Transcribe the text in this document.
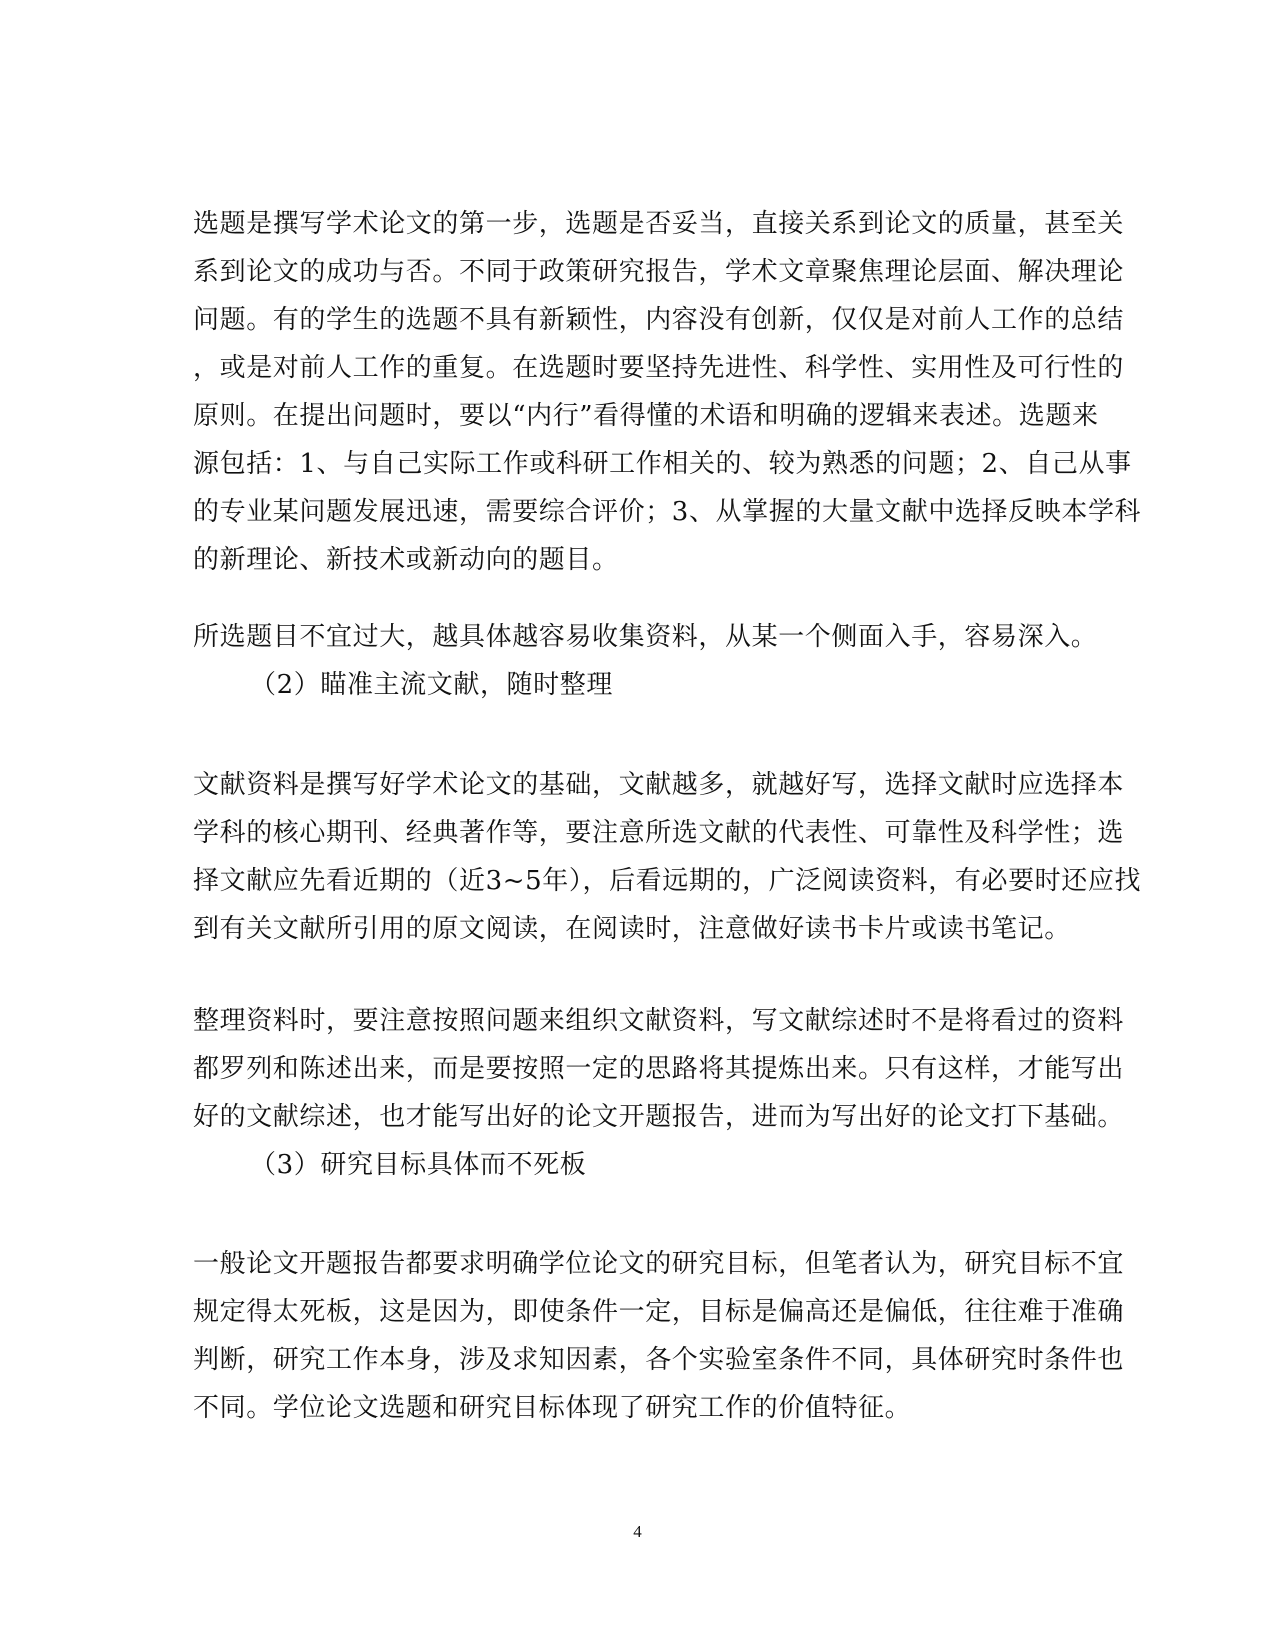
选题是撰写学术论文的第一步，选题是否妥当，直接关系到论文的质量，甚至关
系到论文的成功与否。不同于政策研究报告，学术文章聚焦理论层面、解决理论
问题。有的学生的选题不具有新颖性，内容没有创新，仅仅是对前人工作的总结
，或是对前人工作的重复。在选题时要坚持先进性、科学性、实用性及可行性的
原则。在提出问题时，要以“内行”看得懂的术语和明确的逻辑来表述。选题来
源包括：1、与自己实际工作或科研工作相关的、较为熟悉的问题；2、自己从事
的专业某问题发展迅速，需要综合评价；3、从掌握的大量文献中选择反映本学科
的新理论、新技术或新动向的题目。
所选题目不宜过大，越具体越容易收集资料，从某一个侧面入手，容易深入。
（2）瞄准主流文献，随时整理
文献资料是撰写好学术论文的基础，文献越多，就越好写，选择文献时应选择本
学科的核心期刊、经典著作等，要注意所选文献的代表性、可靠性及科学性；选
择文献应先看近期的（近3~5年），后看远期的，广泛阅读资料，有必要时还应找
到有关文献所引用的原文阅读，在阅读时，注意做好读书卡片或读书笔记。
整理资料时，要注意按照问题来组织文献资料，写文献综述时不是将看过的资料
都罗列和陈述出来，而是要按照一定的思路将其提炼出来。只有这样，才能写出
好的文献综述，也才能写出好的论文开题报告，进而为写出好的论文打下基础。
（3）研究目标具体而不死板
一般论文开题报告都要求明确学位论文的研究目标，但笔者认为，研究目标不宜
规定得太死板，这是因为，即使条件一定，目标是偏高还是偏低，往往难于准确
判断，研究工作本身，涉及求知因素，各个实验室条件不同，具体研究时条件也
不同。学位论文选题和研究目标体现了研究工作的价值特征。
4
